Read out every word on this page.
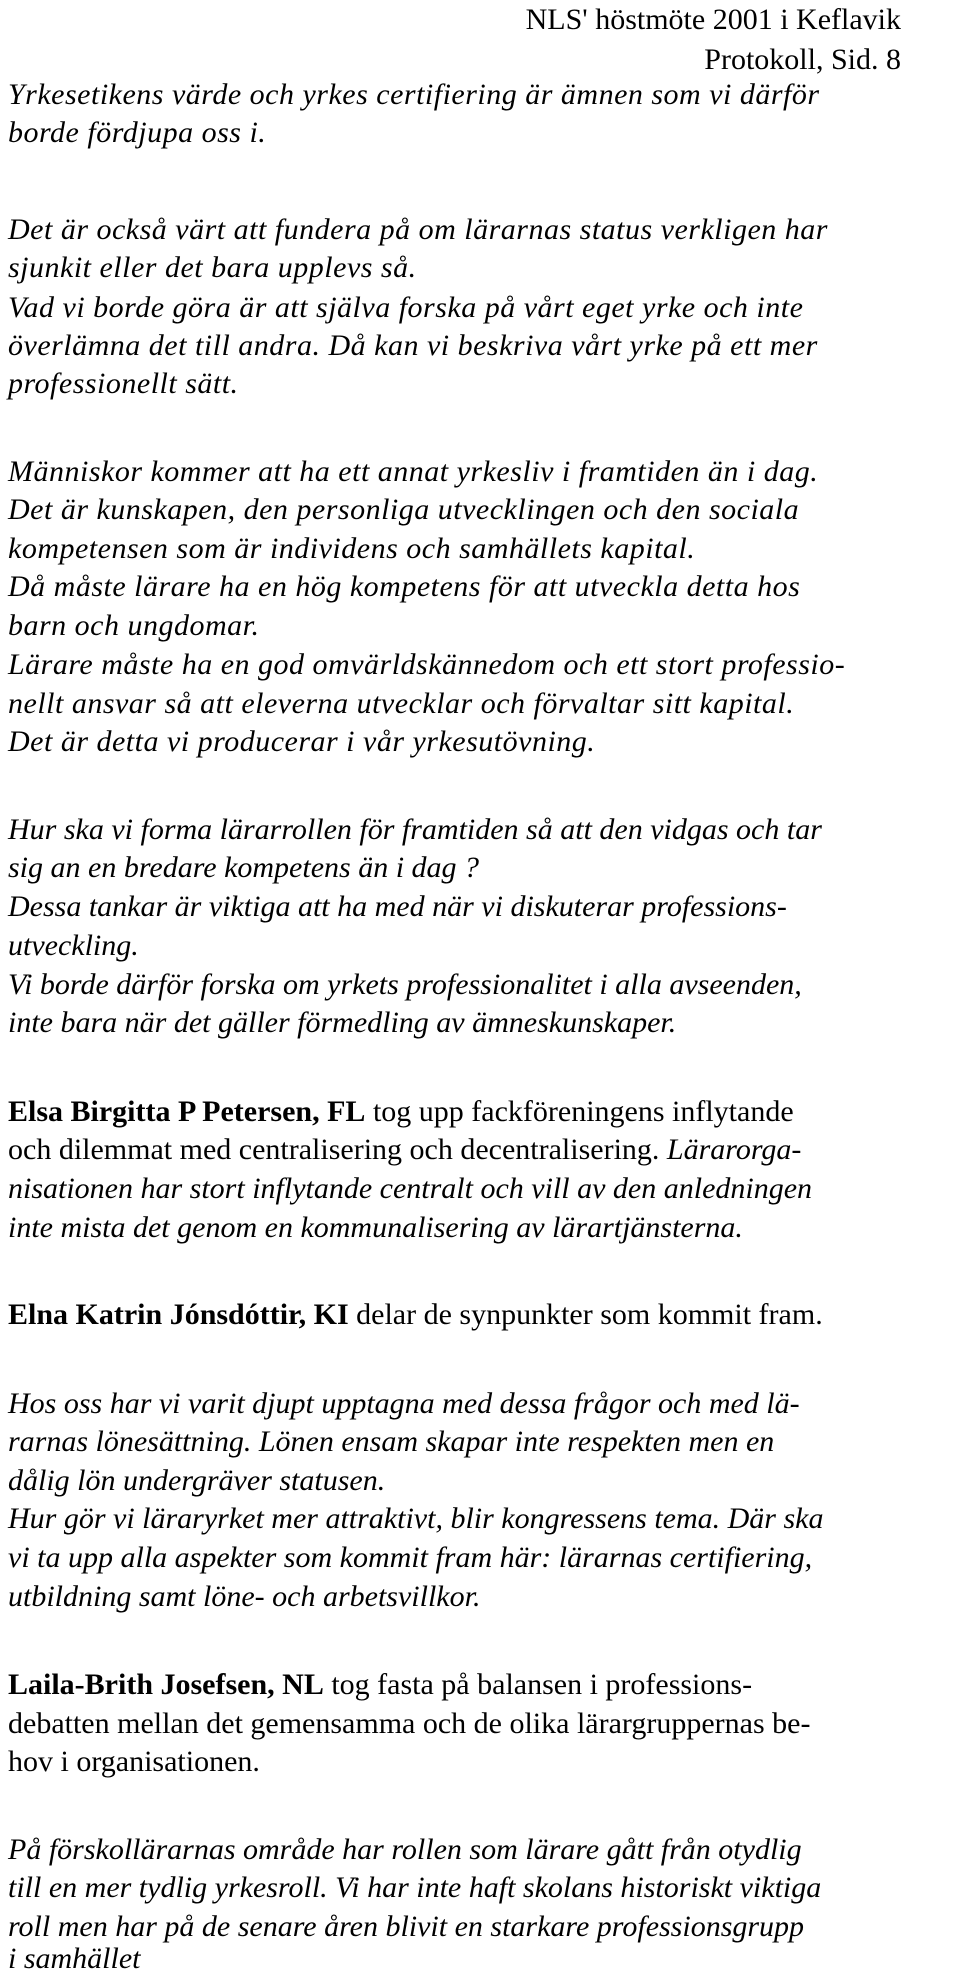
NLS' höstmöte 2001 i Keflavik
Protokoll, Sid. 8
Yrkesetikens värde och yrkes certifiering är ämnen som vi därför
borde fördjupa oss i.
Det är också värt att fundera på om lärarnas status verkligen har
sjunkit eller det bara upplevs så.
Vad vi borde göra är att själva forska på vårt eget yrke och inte
överlämna det till andra. Då kan vi beskriva vårt yrke på ett mer
professionellt sätt.
Människor kommer att ha ett annat yrkesliv i framtiden än i dag.
Det är kunskapen, den personliga utvecklingen och den sociala
kompetensen som är individens och samhällets kapital.
Då måste lärare ha en hög kompetens för att utveckla detta hos
barn och ungdomar.
Lärare måste ha en god omvärldskännedom och ett stort professio-
nellt ansvar så att eleverna utvecklar och förvaltar sitt kapital.
Det är detta vi producerar i vår yrkesutövning.
Hur ska vi forma lärarrollen för framtiden så att den vidgas och tar
sig an en bredare kompetens än i dag ?
Dessa tankar är viktiga att ha med när vi diskuterar professions-
utveckling.
Vi borde därför forska om yrkets professionalitet i alla avseenden,
inte bara när det gäller förmedling av ämneskunskaper.
Elsa Birgitta P Petersen, FL tog upp fackföreningens inflytande
och dilemmat med centralisering och decentralisering. Lärarorga-
nisationen har stort inflytande centralt och vill av den anledningen
inte mista det genom en kommunalisering av lärartjänsterna.
Elna Katrin Jónsdóttir, KI delar de synpunkter som kommit fram.
Hos oss har vi varit djupt upptagna med dessa frågor och med lä-
rarnas lönesättning. Lönen ensam skapar inte respekten men en
dålig lön undergräver statusen.
Hur gör vi läraryrket mer attraktivt, blir kongressens tema. Där ska
vi ta upp alla aspekter som kommit fram här: lärarnas certifiering,
utbildning samt löne- och arbetsvillkor.
Laila-Brith Josefsen, NL tog fasta på balansen i professions-
debatten mellan det gemensamma och de olika lärargruppernas be-
hov i organisationen.
På förskollärarnas område har rollen som lärare gått från otydlig
till en mer tydlig yrkesroll. Vi har inte haft skolans historiskt viktiga
roll men har på de senare åren blivit en starkare professionsgrupp
i samhället
